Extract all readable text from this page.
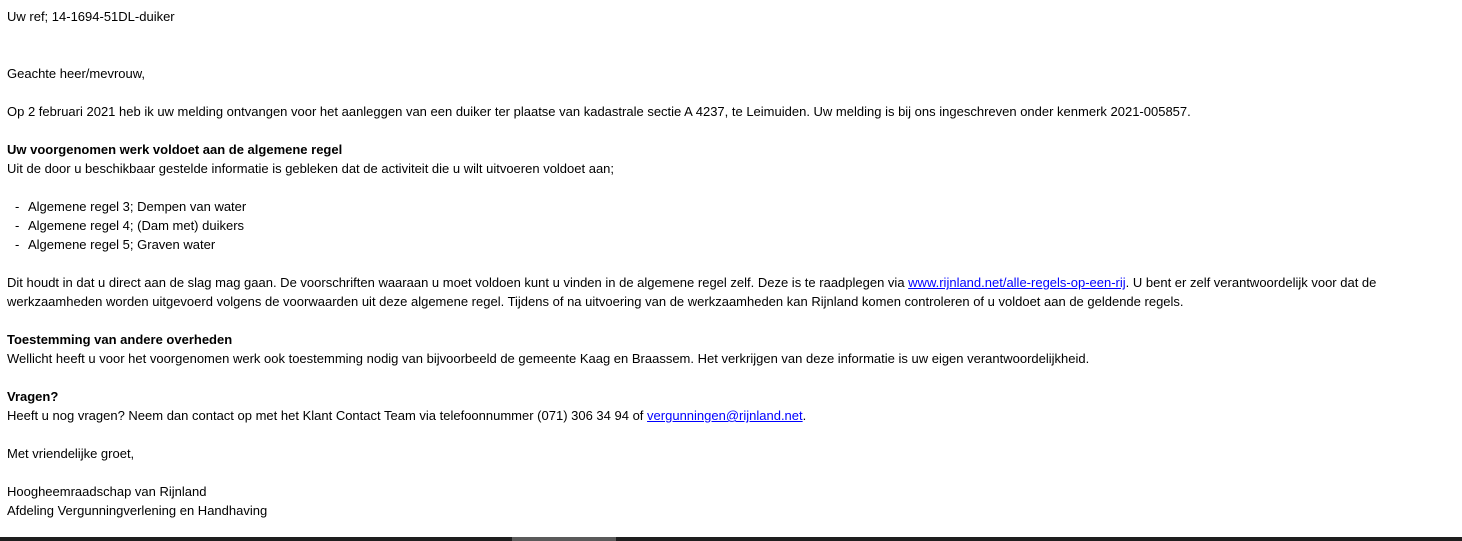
Uw ref; 14-1694-51DL-duiker
Geachte heer/mevrouw,
Op 2 februari 2021 heb ik uw melding ontvangen voor het aanleggen van een duiker ter plaatse van kadastrale sectie A 4237, te Leimuiden. Uw melding is bij ons ingeschreven onder kenmerk 2021-005857.
Uw voorgenomen werk voldoet aan de algemene regel
Uit de door u beschikbaar gestelde informatie is gebleken dat de activiteit die u wilt uitvoeren voldoet aan;
- Algemene regel 3; Dempen van water
- Algemene regel 4; (Dam met) duikers
- Algemene regel 5; Graven water
Dit houdt in dat u direct aan de slag mag gaan. De voorschriften waaraan u moet voldoen kunt u vinden in de algemene regel zelf. Deze is te raadplegen via www.rijnland.net/alle-regels-op-een-rij. U bent er zelf verantwoordelijk voor dat de werkzaamheden worden uitgevoerd volgens de voorwaarden uit deze algemene regel. Tijdens of na uitvoering van de werkzaamheden kan Rijnland komen controleren of u voldoet aan de geldende regels.
Toestemming van andere overheden
Wellicht heeft u voor het voorgenomen werk ook toestemming nodig van bijvoorbeeld de gemeente Kaag en Braassem. Het verkrijgen van deze informatie is uw eigen verantwoordelijkheid.
Vragen?
Heeft u nog vragen? Neem dan contact op met het Klant Contact Team via telefoonnummer (071) 306 34 94 of vergunningen@rijnland.net.
Met vriendelijke groet,
Hoogheemraadschap van Rijnland
Afdeling Vergunningverlening en Handhaving
